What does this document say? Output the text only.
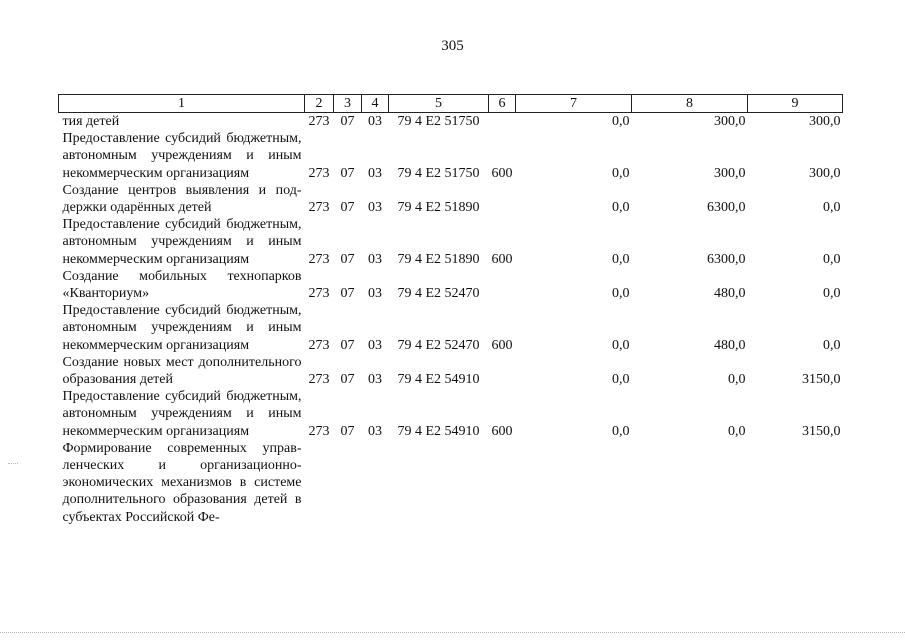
305
1	2	3	4	5	6	7	8	9
тия детей	273	07	03	79 4 E2 51750		0,0	300,0	300,0
Предоставление субсидий бюджетным, автономным учреждениям и иным некоммерческим организациям	273	07	03	79 4 E2 51750	600	0,0	300,0	300,0
Создание центров выявления и поддержки одарённых детей	273	07	03	79 4 E2 51890		0,0	6300,0	0,0
Предоставление субсидий бюджетным, автономным учреждениям и иным некоммерческим организациям	273	07	03	79 4 E2 51890	600	0,0	6300,0	0,0
Создание мобильных технопарков «Кванториум»	273	07	03	79 4 E2 52470		0,0	480,0	0,0
Предоставление субсидий бюджетным, автономным учреждениям и иным некоммерческим организациям	273	07	03	79 4 E2 52470	600	0,0	480,0	0,0
Создание новых мест дополнительного образования детей	273	07	03	79 4 E2 54910		0,0	0,0	3150,0
Предоставление субсидий бюджетным, автономным учреждениям и иным некоммерческим организациям	273	07	03	79 4 E2 54910	600	0,0	0,0	3150,0
Формирование современных управленческих и организационно-экономических механизмов в системе дополнительного образования детей в субъектах Российской Фе-								
